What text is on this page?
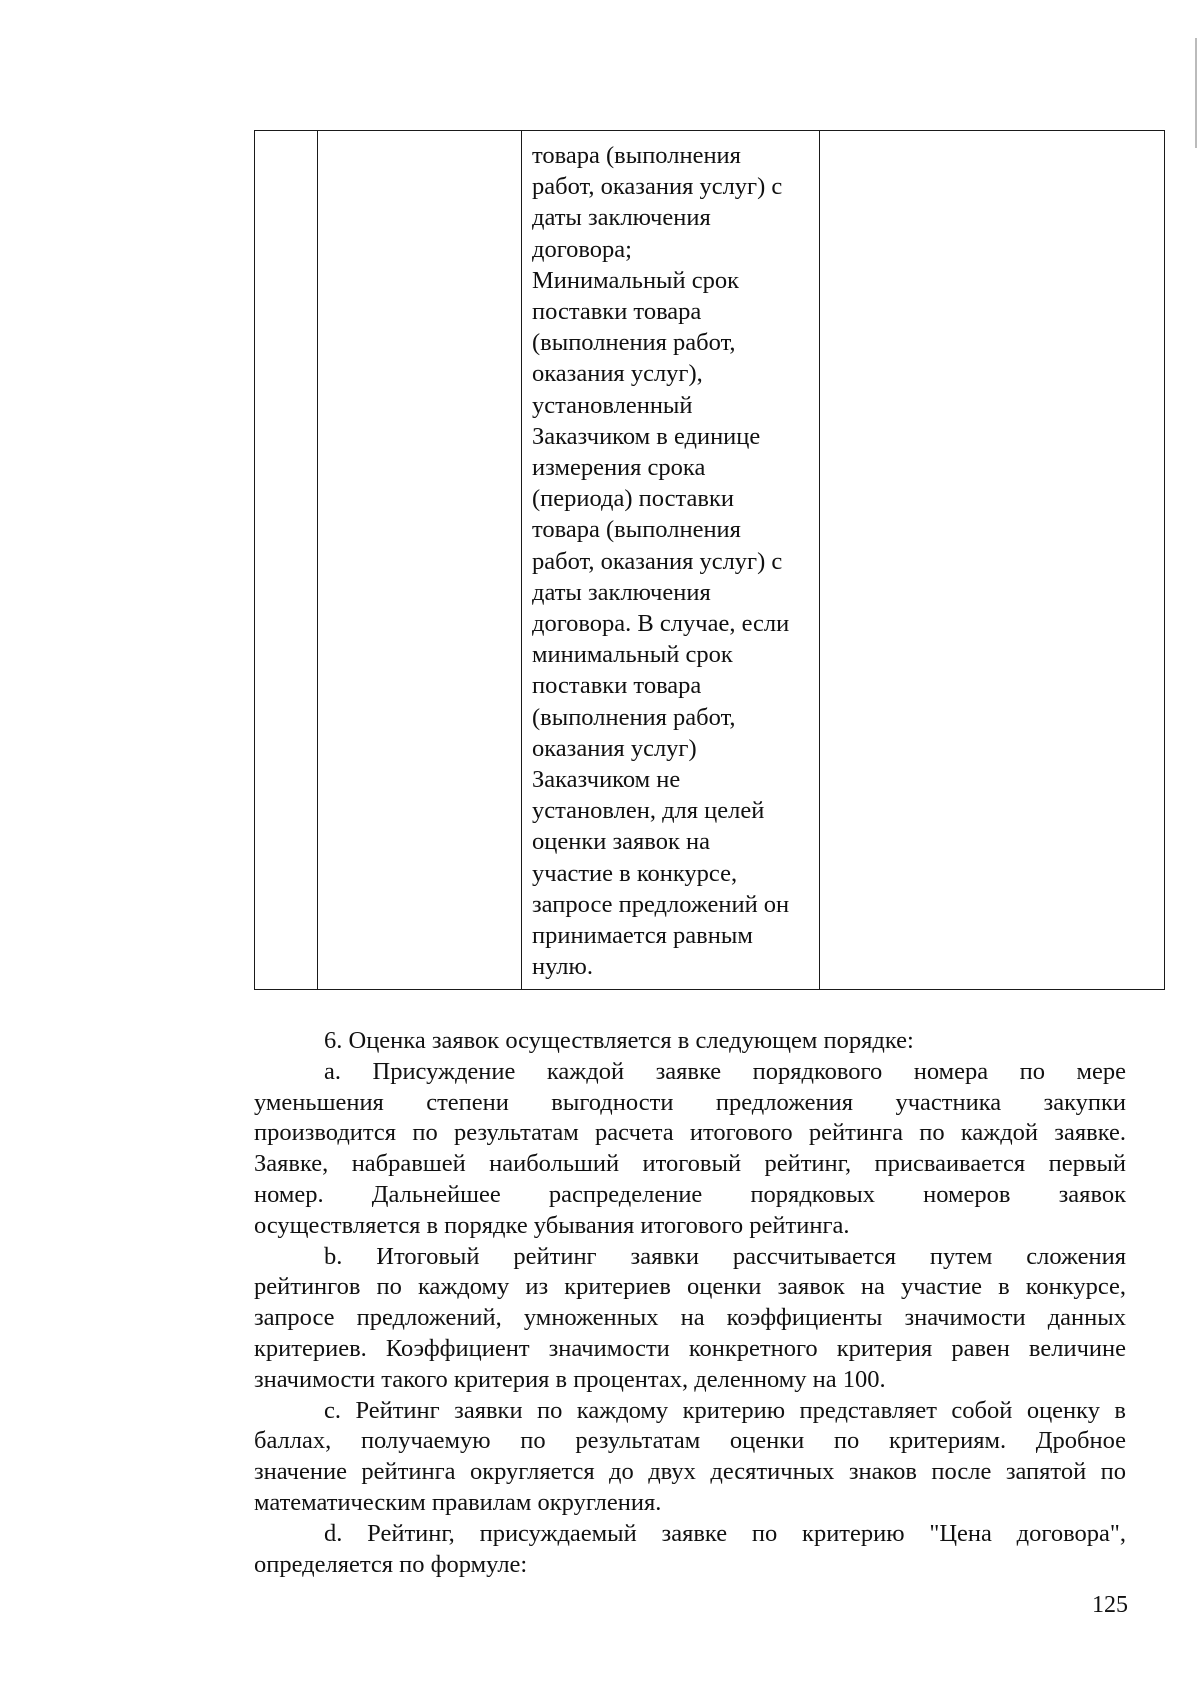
товара (выполнения
работ, оказания услуг) с
даты заключения
договора;
Минимальный срок
поставки товара
(выполнения работ,
оказания услуг),
установленный
Заказчиком в единице
измерения срока
(периода) поставки
товара (выполнения
работ, оказания услуг) с
даты заключения
договора. В случае, если
минимальный срок
поставки товара
(выполнения работ,
оказания услуг)
Заказчиком не
установлен, для целей
оценки заявок на
участие в конкурсе,
запросе предложений он
принимается равным
нулю.

6. Оценка заявок осуществляется в следующем порядке:
a. Присуждение каждой заявке порядкового номера по мере
уменьшения степени выгодности предложения участника закупки
производится по результатам расчета итогового рейтинга по каждой заявке.
Заявке, набравшей наибольший итоговый рейтинг, присваивается первый
номер. Дальнейшее распределение порядковых номеров заявок
осуществляется в порядке убывания итогового рейтинга.
b. Итоговый рейтинг заявки рассчитывается путем сложения
рейтингов по каждому из критериев оценки заявок на участие в конкурсе,
запросе предложений, умноженных на коэффициенты значимости данных
критериев. Коэффициент значимости конкретного критерия равен величине
значимости такого критерия в процентах, деленному на 100.
c. Рейтинг заявки по каждому критерию представляет собой оценку в
баллах, получаемую по результатам оценки по критериям. Дробное
значение рейтинга округляется до двух десятичных знаков после запятой по
математическим правилам округления.
d. Рейтинг, присуждаемый заявке по критерию "Цена договора",
определяется по формуле:
125
